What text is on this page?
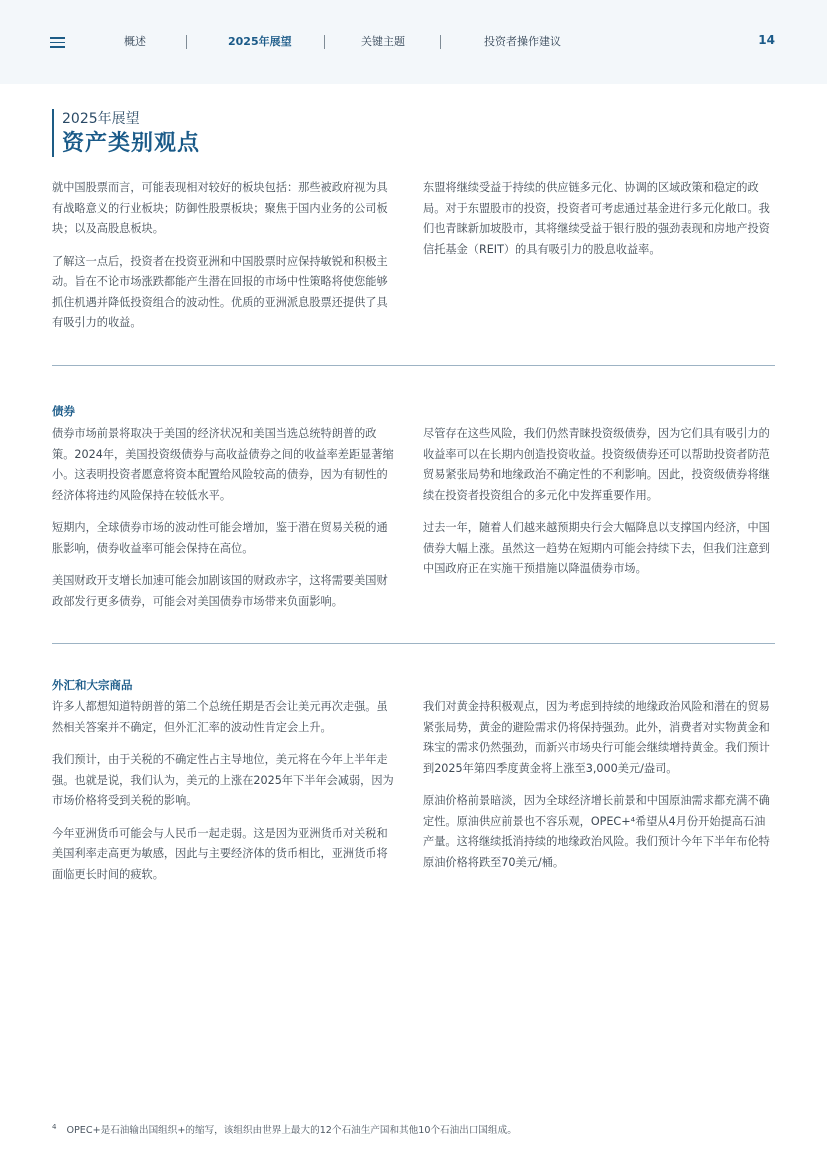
概述	2025年展望	关键主题	投资者操作建议	14
2025年展望
资产类别观点

就中国股票而言，可能表现相对较好的板块包括：那些被政府视为具有战略意义的行业板块；防御性股票板块；聚焦于国内业务的公司板块；以及高股息板块。

了解这一点后，投资者在投资亚洲和中国股票时应保持敏锐和积极主动。旨在不论市场涨跌都能产生潜在回报的市场中性策略将使您能够抓住机遇并降低投资组合的波动性。优质的亚洲派息股票还提供了具有吸引力的收益。

东盟将继续受益于持续的供应链多元化、协调的区域政策和稳定的政局。对于东盟股市的投资，投资者可考虑通过基金进行多元化敞口。我们也青睐新加坡股市，其将继续受益于银行股的强劲表现和房地产投资信托基金（REIT）的具有吸引力的股息收益率。

债券

债券市场前景将取决于美国的经济状况和美国当选总统特朗普的政策。2024年，美国投资级债券与高收益债券之间的收益率差距显著缩小。这表明投资者愿意将资本配置给风险较高的债券，因为有韧性的经济体将违约风险保持在较低水平。

短期内，全球债券市场的波动性可能会增加，鉴于潜在贸易关税的通胀影响，债券收益率可能会保持在高位。

美国财政开支增长加速可能会加剧该国的财政赤字，这将需要美国财政部发行更多债券，可能会对美国债券市场带来负面影响。

尽管存在这些风险，我们仍然青睐投资级债券，因为它们具有吸引力的收益率可以在长期内创造投资收益。投资级债券还可以帮助投资者防范贸易紧张局势和地缘政治不确定性的不利影响。因此，投资级债券将继续在投资者投资组合的多元化中发挥重要作用。

过去一年，随着人们越来越预期央行会大幅降息以支撑国内经济，中国债券大幅上涨。虽然这一趋势在短期内可能会持续下去，但我们注意到中国政府正在实施干预措施以降温债券市场。

外汇和大宗商品

许多人都想知道特朗普的第二个总统任期是否会让美元再次走强。虽然相关答案并不确定，但外汇汇率的波动性肯定会上升。

我们预计，由于关税的不确定性占主导地位，美元将在今年上半年走强。也就是说，我们认为，美元的上涨在2025年下半年会减弱，因为市场价格将受到关税的影响。

今年亚洲货币可能会与人民币一起走弱。这是因为亚洲货币对关税和美国利率走高更为敏感，因此与主要经济体的货币相比，亚洲货币将面临更长时间的疲软。

我们对黄金持积极观点，因为考虑到持续的地缘政治风险和潜在的贸易紧张局势，黄金的避险需求仍将保持强劲。此外，消费者对实物黄金和珠宝的需求仍然强劲，而新兴市场央行可能会继续增持黄金。我们预计到2025年第四季度黄金将上涨至3,000美元/盎司。

原油价格前景暗淡，因为全球经济增长前景和中国原油需求都充满不确定性。原油供应前景也不容乐观，OPEC+⁴希望从4月份开始提高石油产量。这将继续抵消持续的地缘政治风险。我们预计今年下半年布伦特原油价格将跌至70美元/桶。

$^4$ OPEC+是石油输出国组织+的缩写，该组织由世界上最大的12个石油生产国和其他10个石油出口国组成。
